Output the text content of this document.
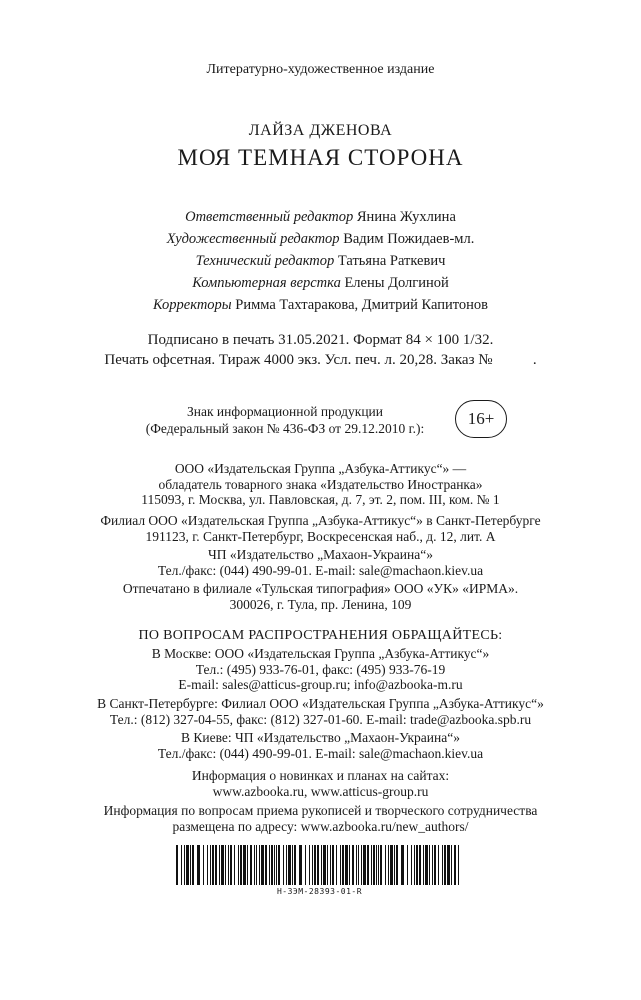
Литературно-художественное издание
ЛАЙЗА ДЖЕНОВА
МОЯ ТЕМНАЯ СТОРОНА
Ответственный редактор Янина Жухлина
Художественный редактор Вадим Пожидаев-мл.
Технический редактор Татьяна Раткевич
Компьютерная верстка Елены Долгиной
Корректоры Римма Тахтаракова, Дмитрий Капитонов
Подписано в печать 31.05.2021. Формат 84 × 100 1/32.
Печать офсетная. Тираж 4000 экз. Усл. печ. л. 20,28. Заказ №	.
Знак информационной продукции
(Федеральный закон № 436-ФЗ от 29.12.2010 г.):
16+
ООО «Издательская Группа „Азбука-Аттикус“» —
обладатель товарного знака «Издательство Иностранка»
115093, г. Москва, ул. Павловская, д. 7, эт. 2, пом. III, ком. № 1
Филиал ООО «Издательская Группа „Азбука-Аттикус“» в Санкт-Петербурге
191123, г. Санкт-Петербург, Воскресенская наб., д. 12, лит. А
ЧП «Издательство „Махаон-Украина“»
Тел./факс: (044) 490-99-01. E-mail: sale@machaon.kiev.ua
Отпечатано в филиале «Тульская типография» ООО «УК» «ИРМА».
300026, г. Тула, пр. Ленина, 109
ПО ВОПРОСАМ РАСПРОСТРАНЕНИЯ ОБРАЩАЙТЕСЬ:
В Москве: ООО «Издательская Группа „Азбука-Аттикус“»
Тел.: (495) 933-76-01, факс: (495) 933-76-19
E-mail: sales@atticus-group.ru; info@azbooka-m.ru
В Санкт-Петербурге: Филиал ООО «Издательская Группа „Азбука-Аттикус“»
Тел.: (812) 327-04-55, факс: (812) 327-01-60. E-mail: trade@azbooka.spb.ru
В Киеве: ЧП «Издательство „Махаон-Украина“»
Тел./факс: (044) 490-99-01. E-mail: sale@machaon.kiev.ua
Информация о новинках и планах на сайтах:
www.azbooka.ru, www.atticus-group.ru
Информация по вопросам приема рукописей и творческого сотрудничества
размещена по адресу: www.azbooka.ru/new_authors/
Н-ЗЭМ-28393-01-R
